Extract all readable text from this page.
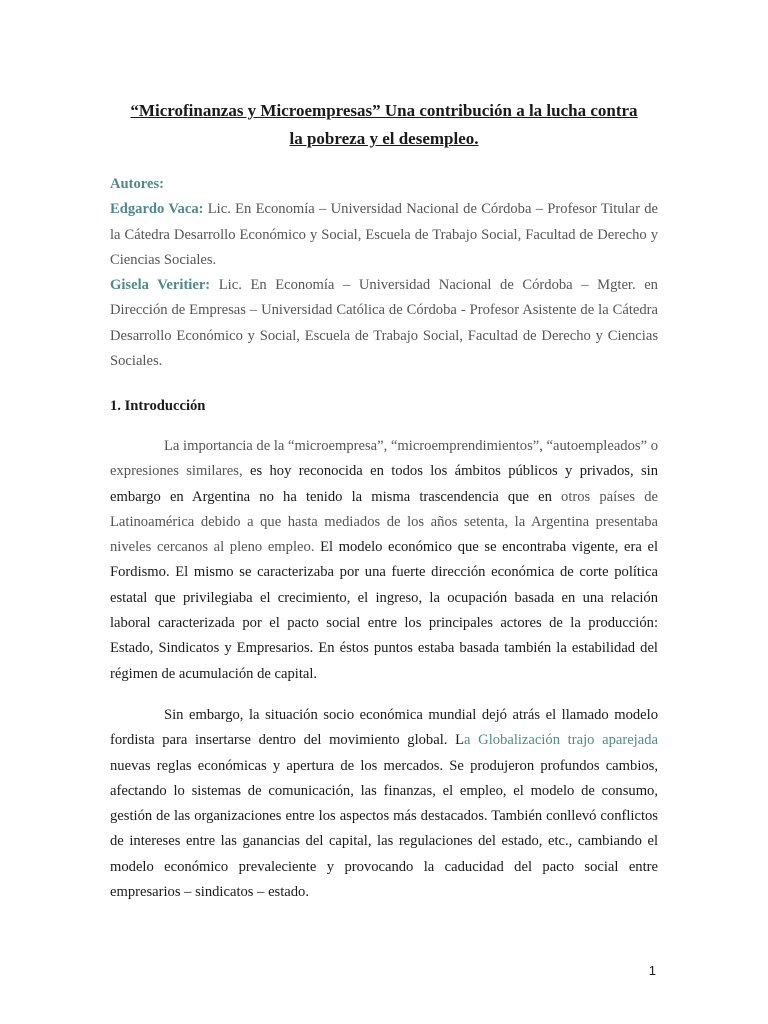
“Microfinanzas y Microempresas” Una contribución a la lucha contra
la pobreza y el desempleo.
Autores:
Edgardo Vaca: Lic. En Economía – Universidad Nacional de Córdoba – Profesor Titular de la Cátedra Desarrollo Económico y Social, Escuela de Trabajo Social, Facultad de Derecho y Ciencias Sociales.
Gisela Veritier: Lic. En Economía – Universidad Nacional de Córdoba – Mgter. en Dirección de Empresas – Universidad Católica de Córdoba - Profesor Asistente de la Cátedra Desarrollo Económico y Social, Escuela de Trabajo Social, Facultad de Derecho y Ciencias Sociales.
1. Introducción
La importancia de la “microempresa”, “microemprendimientos”, “autoempleados” o expresiones similares, es hoy reconocida en todos los ámbitos públicos y privados, sin embargo en Argentina no ha tenido la misma trascendencia que en otros países de Latinoamérica debido a que hasta mediados de los años setenta, la Argentina presentaba niveles cercanos al pleno empleo. El modelo económico que se encontraba vigente, era el Fordismo. El mismo se caracterizaba por una fuerte dirección económica de corte política estatal que privilegiaba el crecimiento, el ingreso, la ocupación basada en una relación laboral caracterizada por el pacto social entre los principales actores de la producción: Estado, Sindicatos y Empresarios. En éstos puntos estaba basada también la estabilidad del régimen de acumulación de capital.
Sin embargo, la situación socio económica mundial dejó atrás el llamado modelo fordista para insertarse dentro del movimiento global. La Globalización trajo aparejada nuevas reglas económicas y apertura de los mercados. Se produjeron profundos cambios, afectando lo sistemas de comunicación, las finanzas, el empleo, el modelo de consumo, gestión de las organizaciones entre los aspectos más destacados. También conllevó conflictos de intereses entre las ganancias del capital, las regulaciones del estado, etc., cambiando el modelo económico prevaleciente y provocando la caducidad del pacto social entre empresarios – sindicatos – estado.
1
